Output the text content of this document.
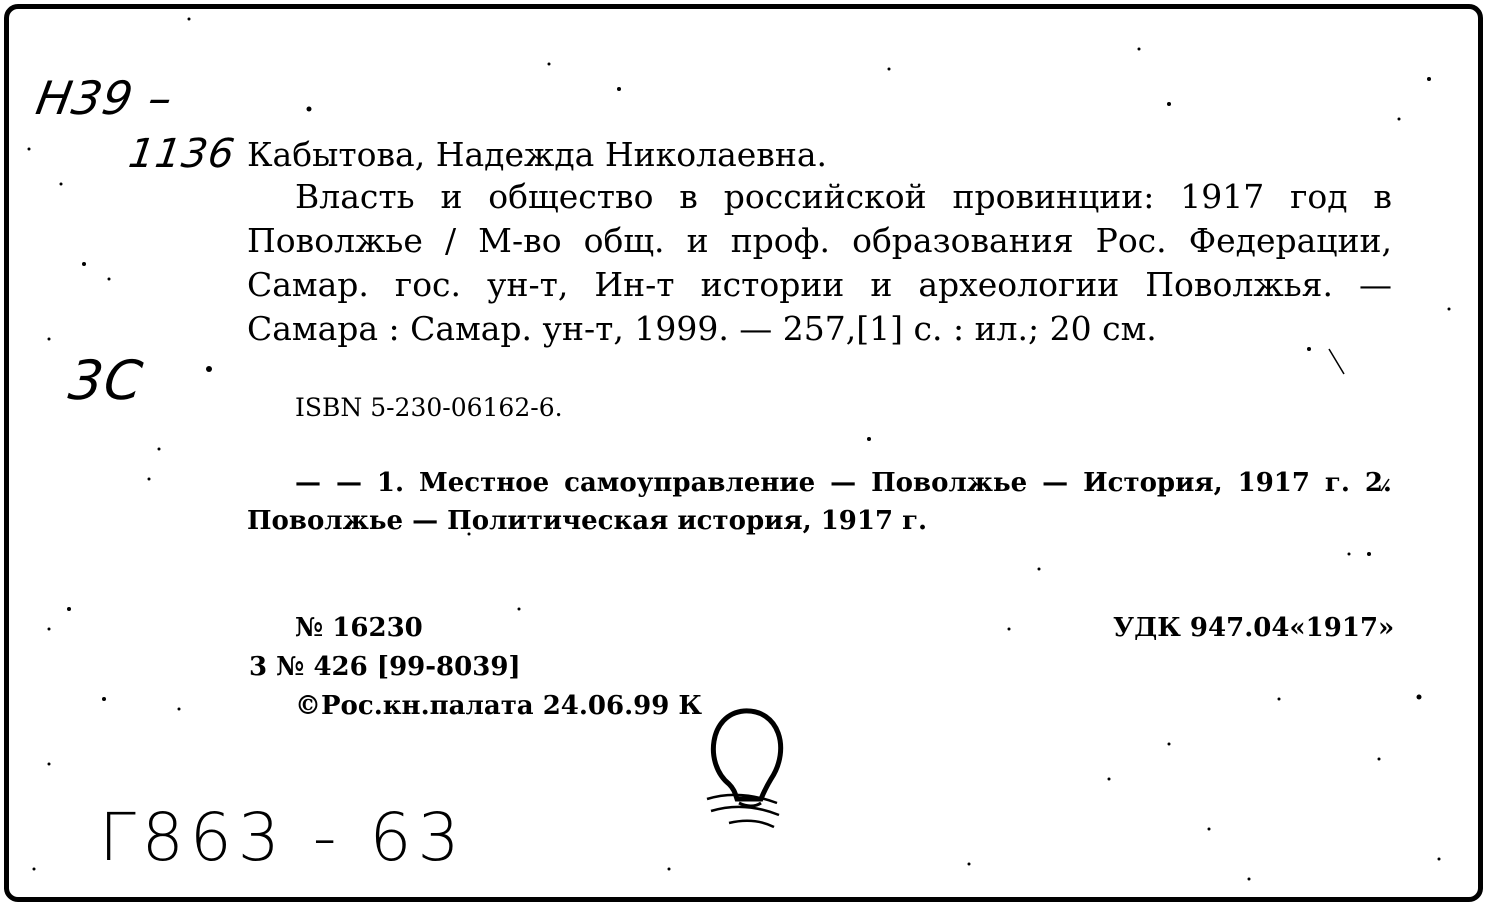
Н39 –
1136
3С
Г863 - 63
Кабытова, Надежда Николаевна.

Власть и общество в российской провинции: 1917 год в Поволжье / М-во общ. и проф. образования Рос. Федерации, Самар. гос. ун-т, Ин-т истории и археологии Поволжья. — Самара : Самар. ун-т, 1999. — 257,[1] с. : ил.; 20 см.

ISBN 5-230-06162-6.

— — 1. Местное самоуправление — Поволжье — История, 1917 г. 2. Поволжье — Политическая история, 1917 г.

№ 16230	УДК 947.04«1917»
3 № 426 [99-8039]
©Рос.кн.палата 24.06.99 К
